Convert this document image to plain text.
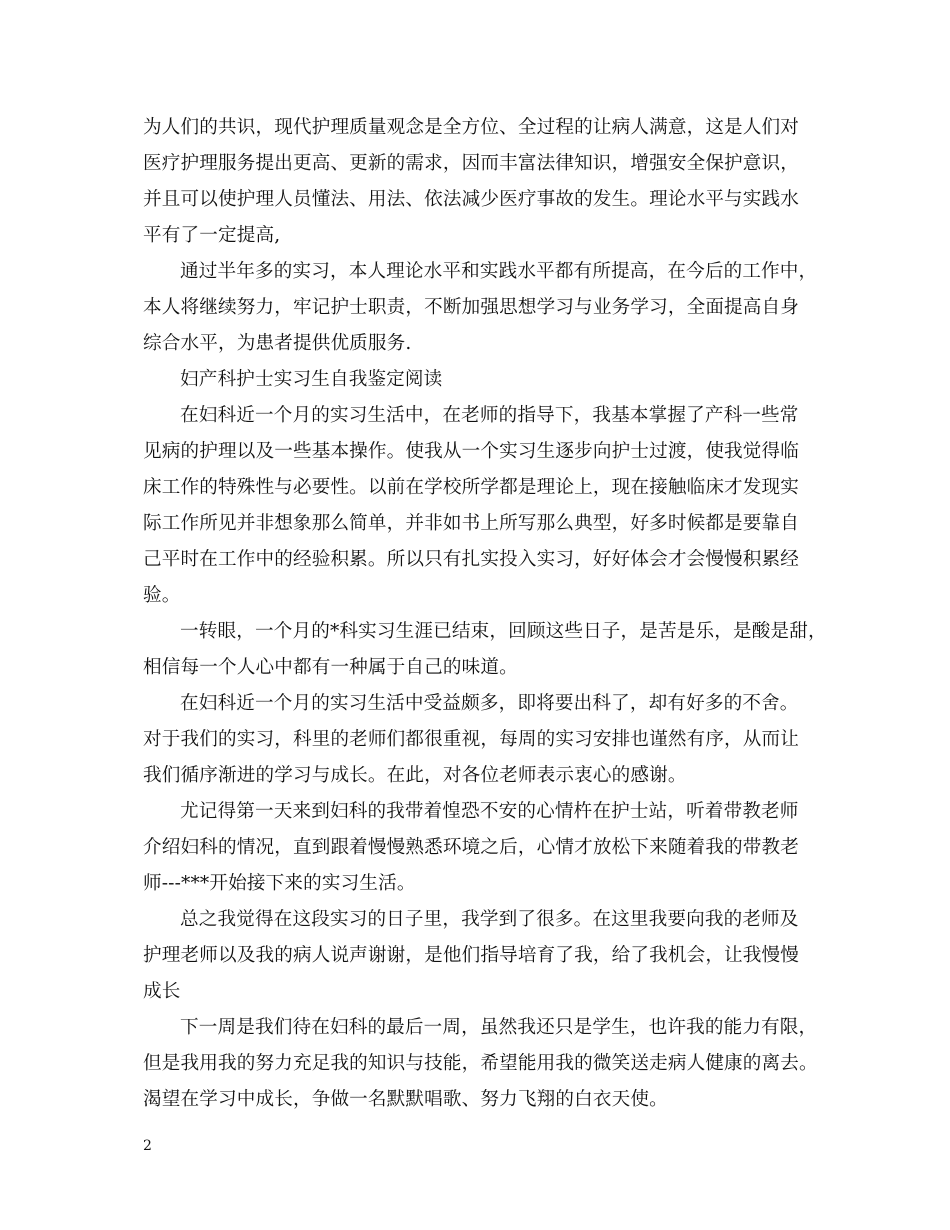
为人们的共识，现代护理质量观念是全方位、全过程的让病人满意，这是人们对
医疗护理服务提出更高、更新的需求，因而丰富法律知识，增强安全保护意识，
并且可以使护理人员懂法、用法、依法减少医疗事故的发生。理论水平与实践水
平有了一定提高,
通过半年多的实习，本人理论水平和实践水平都有所提高，在今后的工作中，
本人将继续努力，牢记护士职责，不断加强思想学习与业务学习，全面提高自身
综合水平，为患者提供优质服务.
妇产科护士实习生自我鉴定阅读
在妇科近一个月的实习生活中，在老师的指导下，我基本掌握了产科一些常
见病的护理以及一些基本操作。使我从一个实习生逐步向护士过渡，使我觉得临
床工作的特殊性与必要性。以前在学校所学都是理论上，现在接触临床才发现实
际工作所见并非想象那么简单，并非如书上所写那么典型，好多时候都是要靠自
己平时在工作中的经验积累。所以只有扎实投入实习，好好体会才会慢慢积累经
验。
一转眼，一个月的*科实习生涯已结束，回顾这些日子，是苦是乐，是酸是甜，
相信每一个人心中都有一种属于自己的味道。
在妇科近一个月的实习生活中受益颇多，即将要出科了，却有好多的不舍。
对于我们的实习，科里的老师们都很重视，每周的实习安排也谨然有序，从而让
我们循序渐进的学习与成长。在此，对各位老师表示衷心的感谢。
尤记得第一天来到妇科的我带着惶恐不安的心情杵在护士站，听着带教老师
介绍妇科的情况，直到跟着慢慢熟悉环境之后，心情才放松下来随着我的带教老
师---***开始接下来的实习生活。
总之我觉得在这段实习的日子里，我学到了很多。在这里我要向我的老师及
护理老师以及我的病人说声谢谢，是他们指导培育了我，给了我机会，让我慢慢
成长
下一周是我们待在妇科的最后一周，虽然我还只是学生，也许我的能力有限，
但是我用我的努力充足我的知识与技能，希望能用我的微笑送走病人健康的离去。
渴望在学习中成长，争做一名默默唱歌、努力飞翔的白衣天使。
2
